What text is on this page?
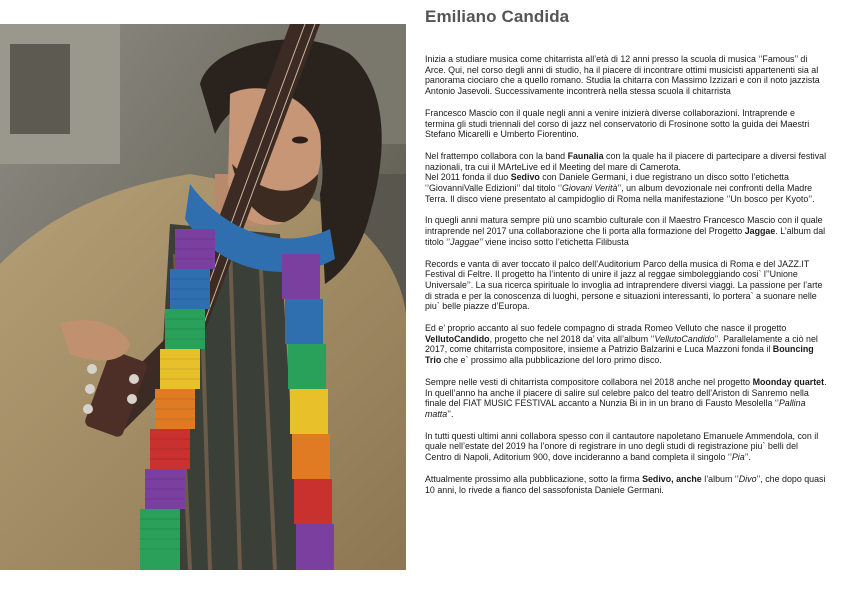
Emiliano Candida

Inizia a studiare musica come chitarrista all’età di 12 anni presso la scuola di musica ‘’Famous’’ di Arce. Qui, nel corso degli anni di studio, ha il piacere di incontrare ottimi musicisti appartenenti sia al panorama ciociaro che a quello romano. Studia la chitarra con Massimo Izzizari e con il noto jazzista Antonio Jasevoli. Successivamente incontrerà nella stessa scuola il chitarrista

Francesco Mascio con il quale negli anni a venire inizierà diverse collaborazioni. Intraprende e termina gli studi triennali del corso di jazz nel conservatorio di Frosinone sotto la guida dei Maestri Stefano Micarelli e Umberto Fiorentino.

Nel frattempo collabora con la band Faunalia con la quale ha il piacere di partecipare a diversi festival nazionali, tra cui il MArteLive ed il Meeting del mare di Camerota.
Nel 2011 fonda il duo Sedivo con Daniele Germani, i due registrano un disco sotto l’etichetta ‘’GiovanniValle Edizioni’’ dal titolo ‘’Giovani Verità’’, un album devozionale nei confronti della Madre Terra. Il disco viene presentato al campidoglio di Roma nella manifestazione ‘’Un bosco per Kyoto’’.

In quegli anni matura sempre più uno scambio culturale con il Maestro Francesco Mascio con il quale intraprende nel 2017 una collaborazione che li porta alla formazione del Progetto Jaggae. L’album dal titolo ‘’Jaggae’’ viene inciso sotto l’etichetta Filibusta

Records e vanta di aver toccato il palco dell’Auditorium Parco della musica di Roma e del JAZZ.IT Festival di Feltre. Il progetto ha l’intento di unire il jazz al reggae simboleggiando cosi` l’’Unione Universale’’. La sua ricerca spirituale lo invoglia ad intraprendere diversi viaggi. La passione per l’arte di strada e per la conoscenza di luoghi, persone e situazioni interessanti, lo portera` a suonare nelle piu` belle piazze d’Europa.

Ed e’ proprio accanto al suo fedele compagno di strada Romeo Velluto che nasce il progetto VellutoCandido, progetto che nel 2018 da’ vita all’album ‘’VellutoCandido’’. Parallelamente a ciò nel 2017, come chitarrista compositore, insieme a Patrizio Balzarini e Luca Mazzoni fonda il Bouncing Trio che e` prossimo alla pubblicazione del loro primo disco.

Sempre nelle vesti di chitarrista compositore collabora nel 2018 anche nel progetto Moonday quartet.
In quell’anno ha anche il piacere di salire sul celebre palco del teatro dell’Ariston di Sanremo nella finale del FIAT MUSIC FESTIVAL accanto a Nunzia Bi in in un brano di Fausto Mesolella ‘’Pallina matta’’.

In tutti questi ultimi anni collabora spesso con il cantautore napoletano Emanuele Ammendola, con il quale nell’estate del 2019 ha l’onore di registrare in uno degli studi di registrazione piu` belli del Centro di Napoli, Aditorium 900, dove incideranno a band completa il singolo ‘’Pia’’.

Attualmente prossimo alla pubblicazione, sotto la firma Sedivo, anche l’album ‘’Divo’’, che dopo quasi 10 anni, lo rivede a fianco del sassofonista Daniele Germani.
